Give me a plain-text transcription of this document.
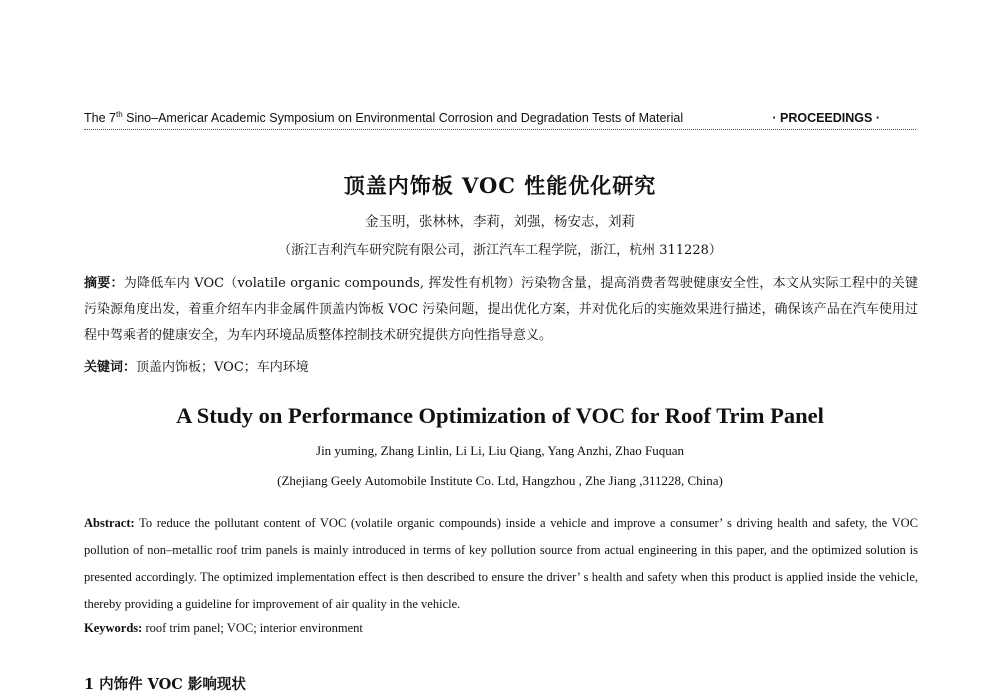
The 7th Sino–Americar Academic Symposium on Environmental Corrosion and Degradation Tests of Material	· PROCEEDINGS ·
顶盖内饰板 VOC 性能优化研究
金玉明，张林林，李莉，刘强，杨安志，刘莉
（浙江吉利汽车研究院有限公司，浙江汽车工程学院，浙江，杭州 311228）
摘要：为降低车内 VOC（volatile organic compounds, 挥发性有机物）污染物含量，提高消费者驾驶健康安全性，本文从实际工程中的关键污染源角度出发，着重介绍车内非金属件顶盖内饰板 VOC 污染问题，提出优化方案，并对优化后的实施效果进行描述，确保该产品在汽车使用过程中驾乘者的健康安全，为车内环境品质整体控制技术研究提供方向性指导意义。
关键词：顶盖内饰板；VOC；车内环境
A Study on Performance Optimization of VOC for Roof Trim Panel
Jin yuming, Zhang Linlin, Li Li, Liu Qiang, Yang Anzhi, Zhao Fuquan
(Zhejiang Geely Automobile Institute Co. Ltd, Hangzhou , Zhe Jiang ,311228, China)
Abstract: To reduce the pollutant content of VOC (volatile organic compounds) inside a vehicle and improve a consumer’ s driving health and safety, the VOC pollution of non–metallic roof trim panels is mainly introduced in terms of key pollution source from actual engineering in this paper, and the optimized solution is presented accordingly. The optimized implementation effect is then described to ensure the driver’ s health and safety when this product is applied inside the vehicle, thereby providing a guideline for improvement of air quality in the vehicle.
Keywords: roof trim panel; VOC; interior environment
1 内饰件 VOC 影响现状
